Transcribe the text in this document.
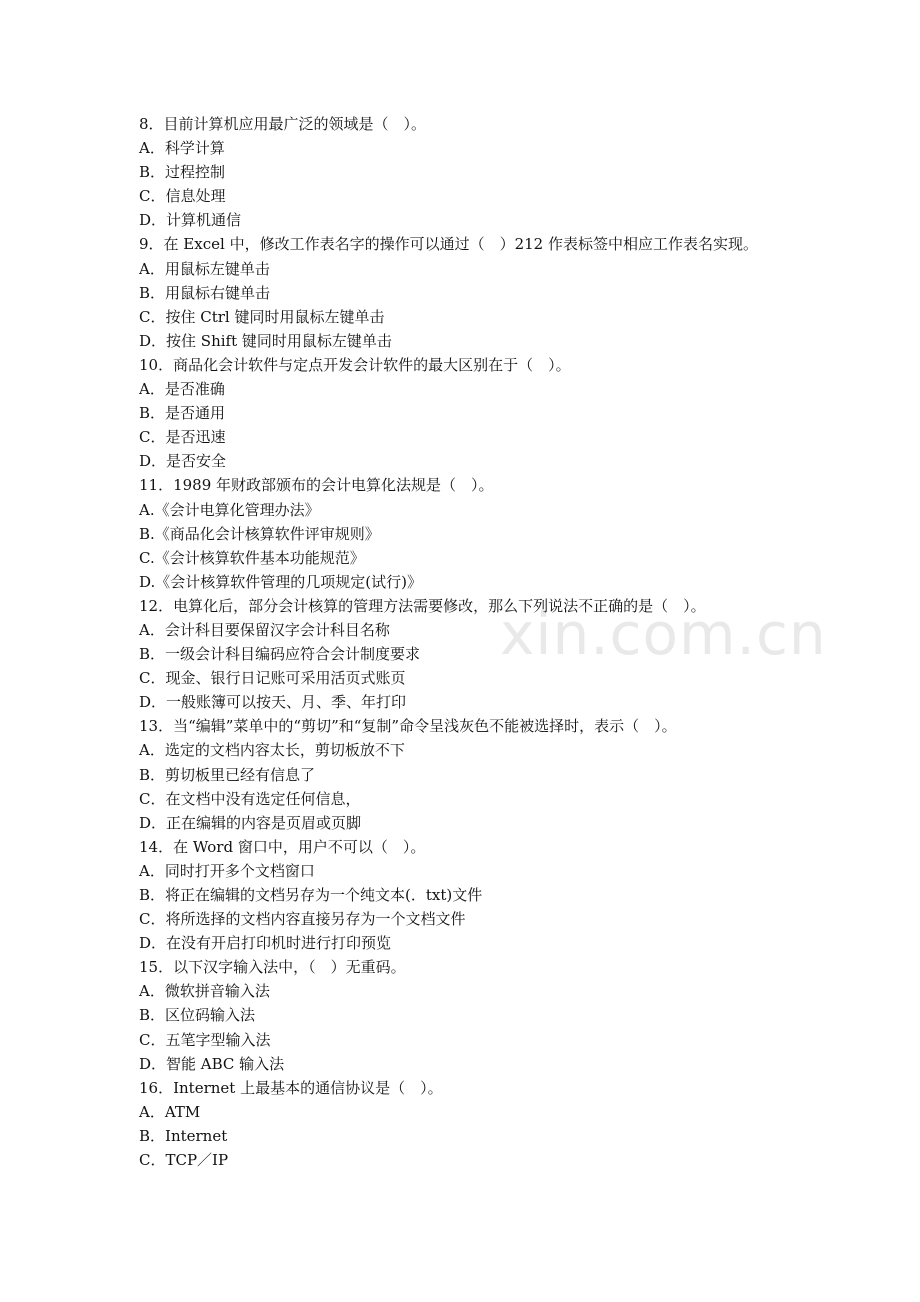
xin.com.cn
8．目前计算机应用最广泛的领域是（　）。
A．科学计算
B．过程控制
C．信息处理
D．计算机通信
9．在 Excel 中，修改工作表名字的操作可以通过（　）212 作表标签中相应工作表名实现。
A．用鼠标左键单击
B．用鼠标右键单击
C．按住 Ctrl 键同时用鼠标左键单击
D．按住 Shift 键同时用鼠标左键单击
10．商品化会计软件与定点开发会计软件的最大区别在于（　）。
A．是否准确
B．是否通用
C．是否迅速
D．是否安全
11．1989 年财政部颁布的会计电算化法规是（　）。
A.《会计电算化管理办法》
B.《商品化会计核算软件评审规则》
C.《会计核算软件基本功能规范》
D.《会计核算软件管理的几项规定(试行)》
12．电算化后，部分会计核算的管理方法需要修改，那么下列说法不正确的是（　）。
A．会计科目要保留汉字会计科目名称
B．一级会计科目编码应符合会计制度要求
C．现金、银行日记账可采用活页式账页
D．一般账簿可以按天、月、季、年打印
13．当“编辑”菜单中的“剪切”和“复制”命令呈浅灰色不能被选择时，表示（　）。
A．选定的文档内容太长，剪切板放不下
B．剪切板里已经有信息了
C．在文档中没有选定任何信息，
D．正在编辑的内容是页眉或页脚
14．在 Word 窗口中，用户不可以（　）。
A．同时打开多个文档窗口
B．将正在编辑的文档另存为一个纯文本(．txt)文件
C．将所选择的文档内容直接另存为一个文档文件
D．在没有开启打印机时进行打印预览
15．以下汉字输入法中，（　）无重码。
A．微软拼音输入法
B．区位码输入法
C．五笔字型输入法
D．智能 ABC 输入法
16．Internet 上最基本的通信协议是（　）。
A．ATM
B．Internet
C．TCP／IP
